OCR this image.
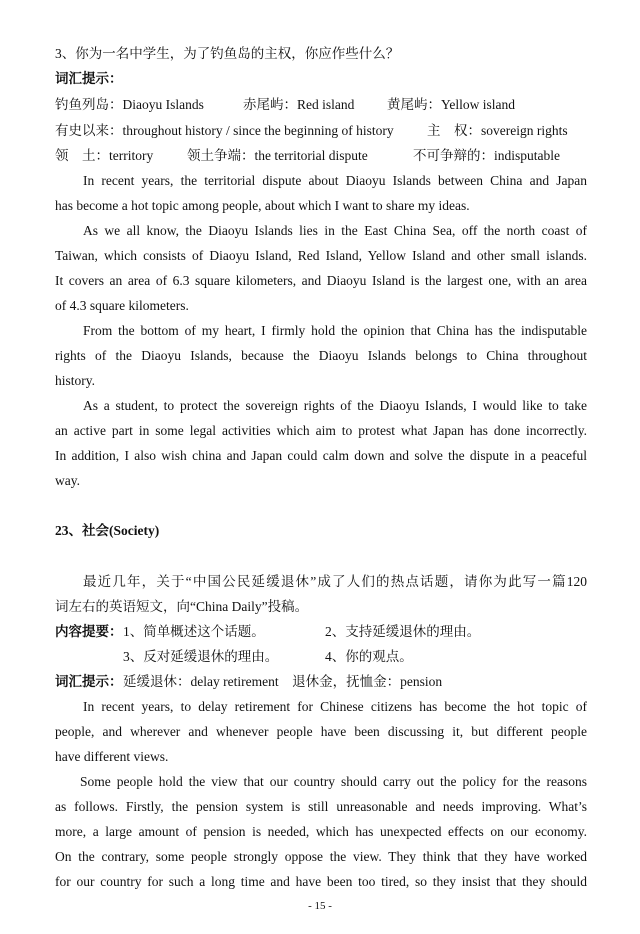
3、你为一名中学生，为了钓鱼岛的主权，你应作些什么？
词汇提示：
钓鱼列岛：Diaoyu Islands	赤尾屿：Red island 黄尾屿：Yellow island
有史以来：throughout history / since the beginning of history 主　权：sovereign rights
领　土：territory	领土争端：the territorial dispute	不可争辩的：indisputable
In recent years, the territorial dispute about Diaoyu Islands between China and Japan
has become a hot topic among people, about which I want to share my ideas.
As we all know, the Diaoyu Islands lies in the East China Sea, off the north coast of
Taiwan, which consists of Diaoyu Island, Red Island, Yellow Island and other small islands.
It covers an area of 6.3 square kilometers, and Diaoyu Island is the largest one, with an area
of 4.3 square kilometers.
From the bottom of my heart, I firmly hold the opinion that China has the indisputable
rights of the Diaoyu Islands, because the Diaoyu Islands belongs to China throughout
history.
As a student, to protect the sovereign rights of the Diaoyu Islands, I would like to take
an active part in some legal activities which aim to protest what Japan has done incorrectly.
In addition, I also wish china and Japan could calm down and solve the dispute in a peaceful
way.
23、社会(Society)
最近几年，关于“中国公民延缓退休”成了人们的热点话题，请你为此写一篇120
词左右的英语短文，向“China Daily”投稿。
内容提要： 1、简单概述这个话题。	2、支持延缓退休的理由。
3、反对延缓退休的理由。	4、你的观点。
词汇提示： 延缓退休：delay retirement　退休金，抚恤金：pension
In recent years, to delay retirement for Chinese citizens has become the hot topic of
people, and wherever and whenever people have been discussing it, but different people
have different views.
Some people hold the view that our country should carry out the policy for the reasons
as follows. Firstly, the pension system is still unreasonable and needs improving. What’s
more, a large amount of pension is needed, which has unexpected effects on our economy.
On the contrary, some people strongly oppose the view. They think that they have worked
for our country for such a long time and have been too tired, so they insist that they should
- 15 -
